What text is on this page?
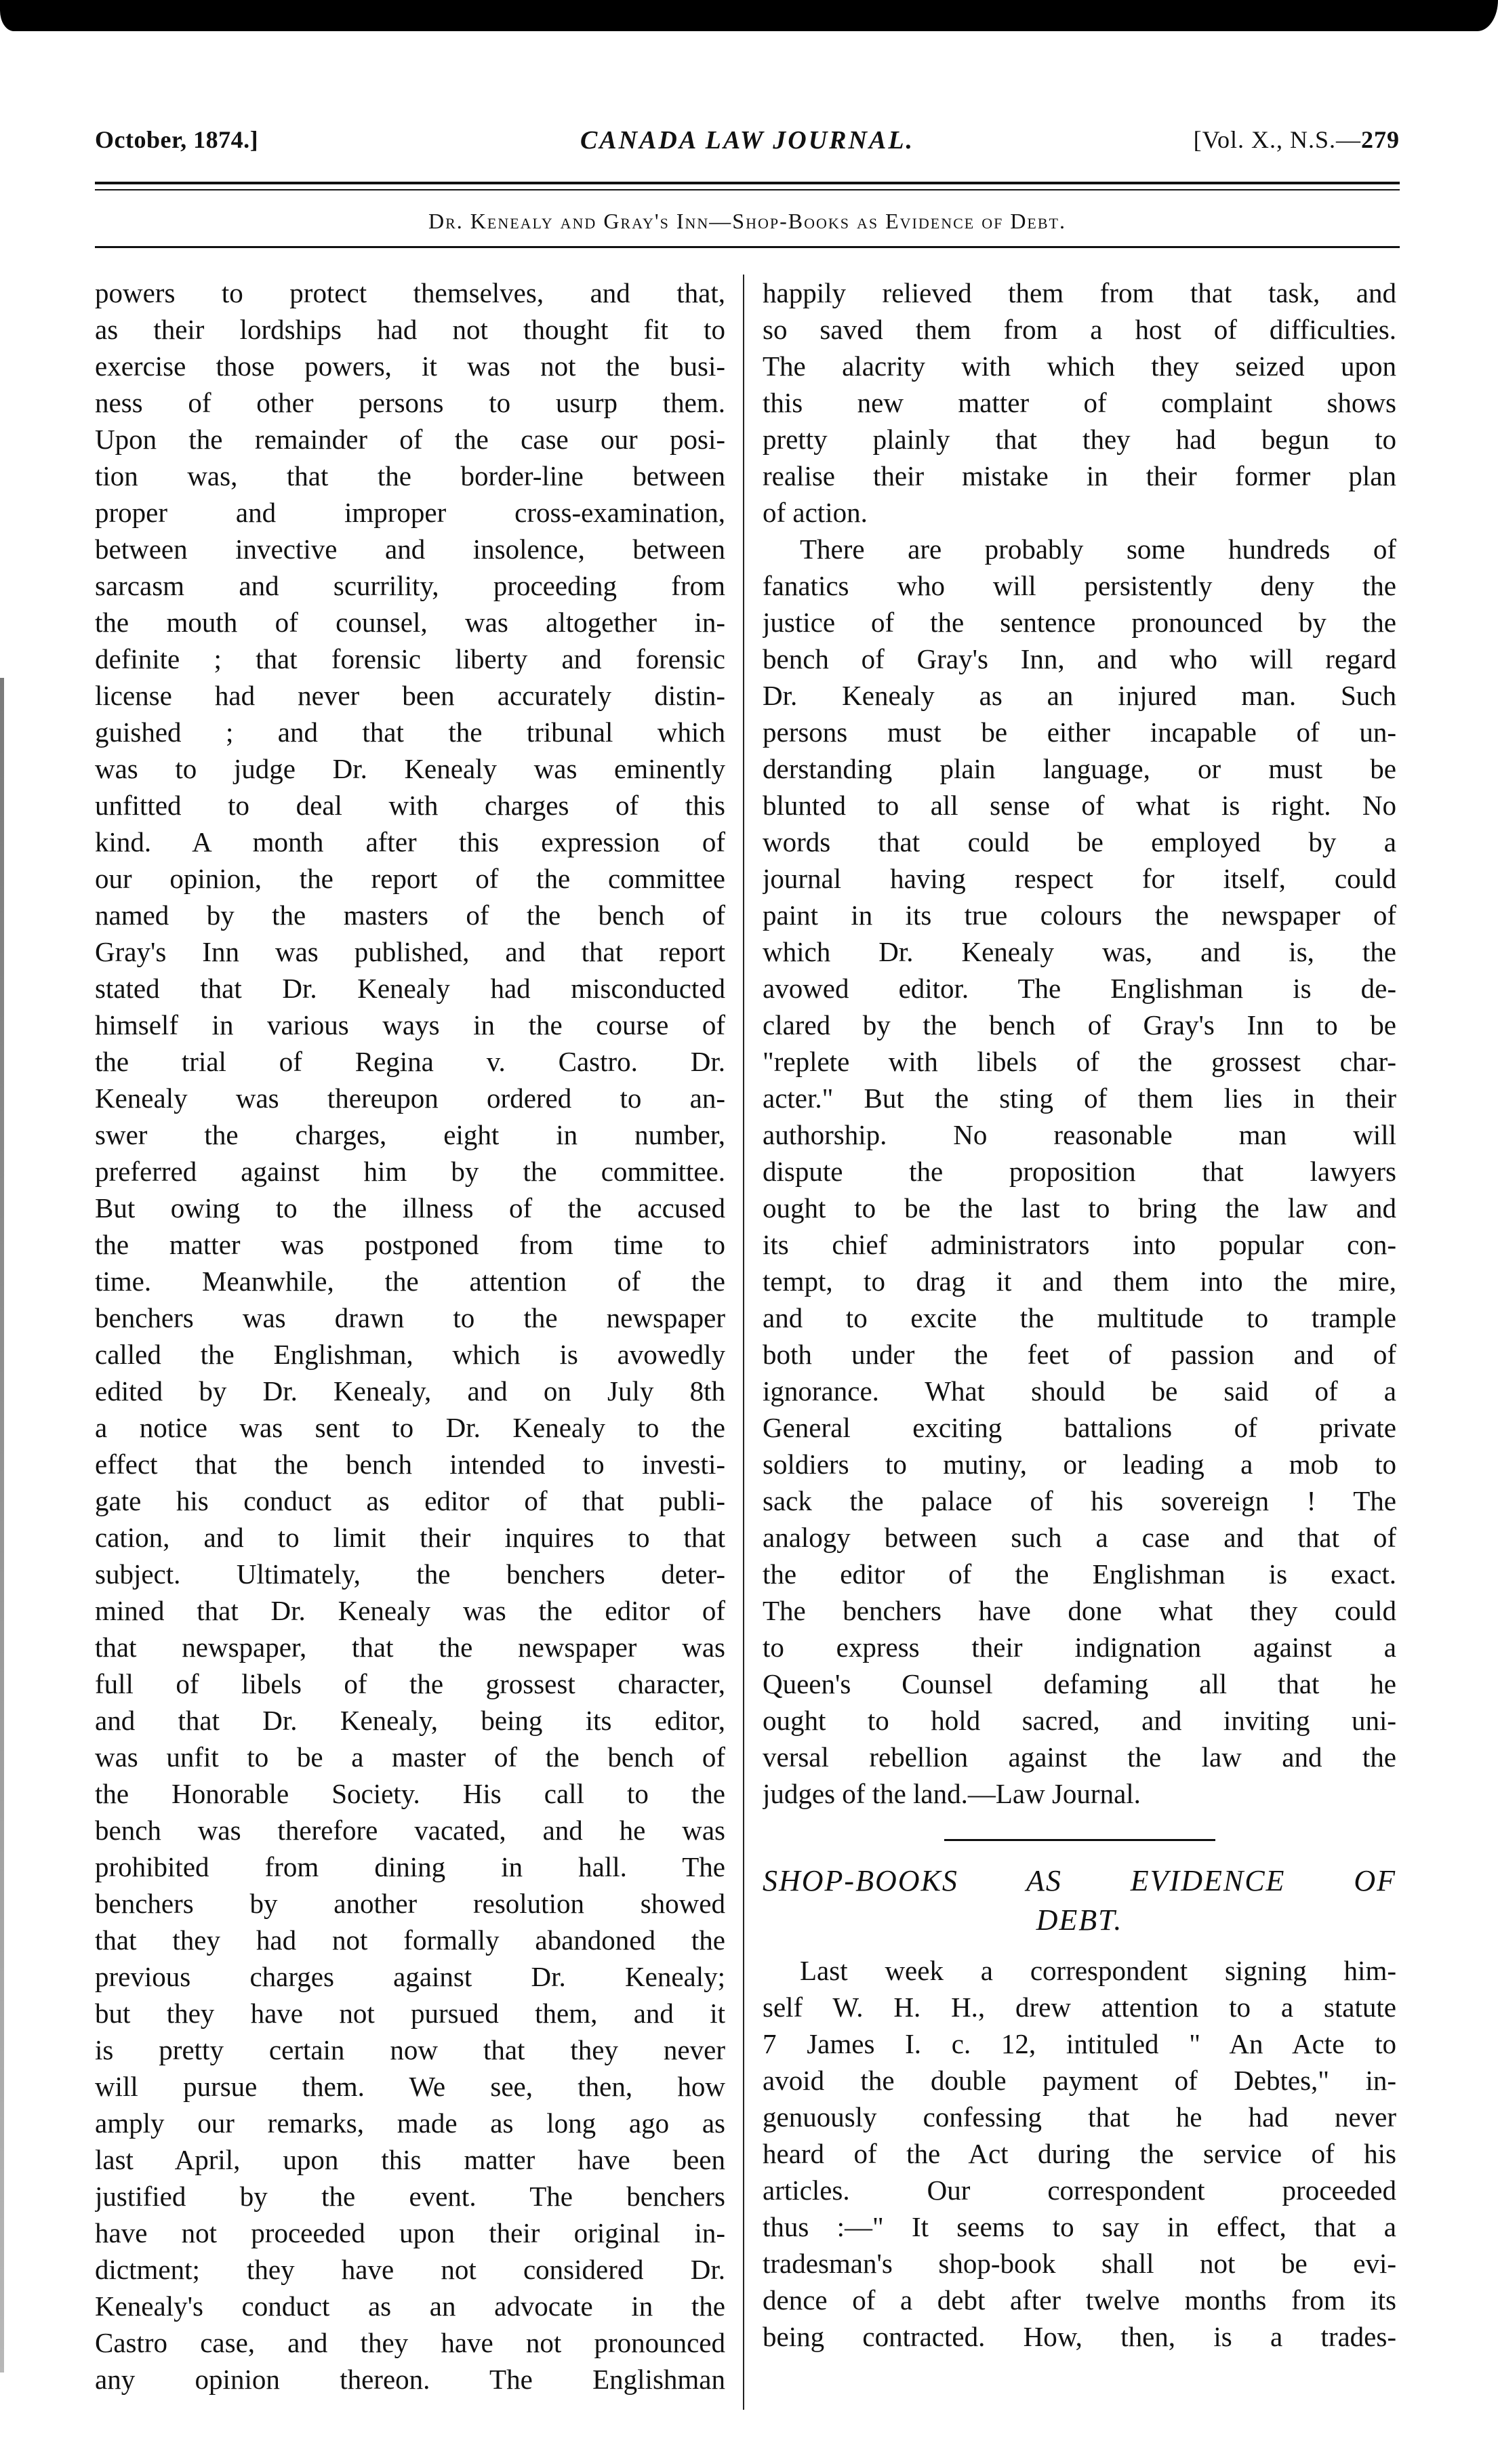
October, 1874.]	CANADA LAW JOURNAL.	[Vol. X., N.S.—279
Dr. Kenealy and Gray's Inn—Shop-Books as Evidence of Debt.
powers to protect themselves, and that,
as their lordships had not thought fit to
exercise those powers, it was not the busi-
ness of other persons to usurp them.
Upon the remainder of the case our posi-
tion was, that the border-line between
proper and improper cross-examination,
between invective and insolence, between
sarcasm and scurrility, proceeding from
the mouth of counsel, was altogether in-
definite ; that forensic liberty and forensic
license had never been accurately distin-
guished ; and that the tribunal which
was to judge Dr. Kenealy was eminently
unfitted to deal with charges of this
kind. A month after this expression of
our opinion, the report of the committee
named by the masters of the bench of
Gray's Inn was published, and that report
stated that Dr. Kenealy had misconducted
himself in various ways in the course of
the trial of Regina v. Castro. Dr.
Kenealy was thereupon ordered to an-
swer the charges, eight in number,
preferred against him by the committee.
But owing to the illness of the accused
the matter was postponed from time to
time. Meanwhile, the attention of the
benchers was drawn to the newspaper
called the Englishman, which is avowedly
edited by Dr. Kenealy, and on July 8th
a notice was sent to Dr. Kenealy to the
effect that the bench intended to investi-
gate his conduct as editor of that publi-
cation, and to limit their inquires to that
subject. Ultimately, the benchers deter-
mined that Dr. Kenealy was the editor of
that newspaper, that the newspaper was
full of libels of the grossest character,
and that Dr. Kenealy, being its editor,
was unfit to be a master of the bench of
the Honorable Society. His call to the
bench was therefore vacated, and he was
prohibited from dining in hall. The
benchers by another resolution showed
that they had not formally abandoned the
previous charges against Dr. Kenealy;
but they have not pursued them, and it
is pretty certain now that they never
will pursue them. We see, then, how
amply our remarks, made as long ago as
last April, upon this matter have been
justified by the event. The benchers
have not proceeded upon their original in-
dictment; they have not considered Dr.
Kenealy's conduct as an advocate in the
Castro case, and they have not pronounced
any opinion thereon. The Englishman
happily relieved them from that task, and
so saved them from a host of difficulties.
The alacrity with which they seized upon
this new matter of complaint shows
pretty plainly that they had begun to
realise their mistake in their former plan
of action.
There are probably some hundreds of
fanatics who will persistently deny the
justice of the sentence pronounced by the
bench of Gray's Inn, and who will regard
Dr. Kenealy as an injured man. Such
persons must be either incapable of un-
derstanding plain language, or must be
blunted to all sense of what is right. No
words that could be employed by a
journal having respect for itself, could
paint in its true colours the newspaper of
which Dr. Kenealy was, and is, the
avowed editor. The Englishman is de-
clared by the bench of Gray's Inn to be
"replete with libels of the grossest char-
acter." But the sting of them lies in their
authorship. No reasonable man will
dispute the proposition that lawyers
ought to be the last to bring the law and
its chief administrators into popular con-
tempt, to drag it and them into the mire,
and to excite the multitude to trample
both under the feet of passion and of
ignorance. What should be said of a
General exciting battalions of private
soldiers to mutiny, or leading a mob to
sack the palace of his sovereign ! The
analogy between such a case and that of
the editor of the Englishman is exact.
The benchers have done what they could
to express their indignation against a
Queen's Counsel defaming all that he
ought to hold sacred, and inviting uni-
versal rebellion against the law and the
judges of the land.—Law Journal.
SHOP-BOOKS AS EVIDENCE OF
DEBT.
Last week a correspondent signing him-
self W. H. H., drew attention to a statute
7 James I. c. 12, intituled " An Acte to
avoid the double payment of Debtes," in-
genuously confessing that he had never
heard of the Act during the service of his
articles. Our correspondent proceeded
thus :—" It seems to say in effect, that a
tradesman's shop-book shall not be evi-
dence of a debt after twelve months from its
being contracted. How, then, is a trades-
